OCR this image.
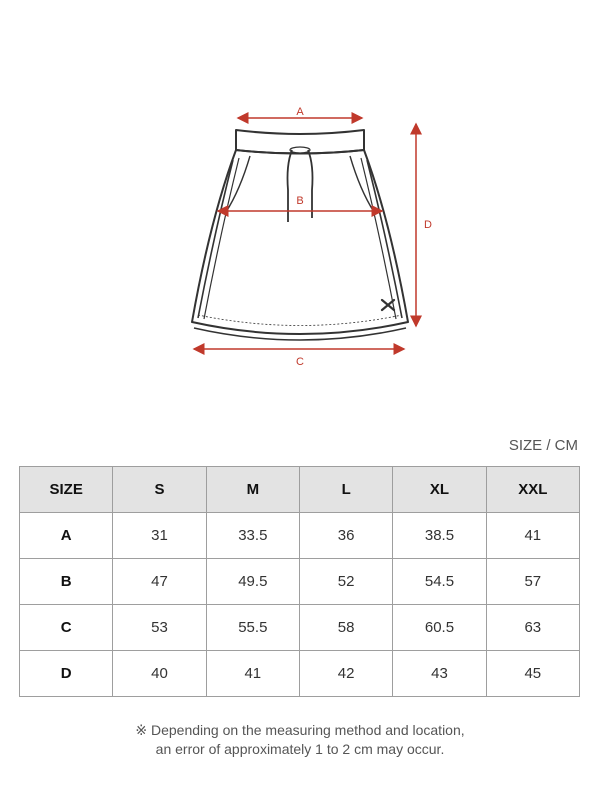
A
B
C
D
SIZE / CM
SIZE	S	M	L	XL	XXL
A	31	33.5	36	38.5	41
B	47	49.5	52	54.5	57
C	53	55.5	58	60.5	63
D	40	41	42	43	45
※ Depending on the measuring method and location,
an error of approximately 1 to 2 cm may occur.
